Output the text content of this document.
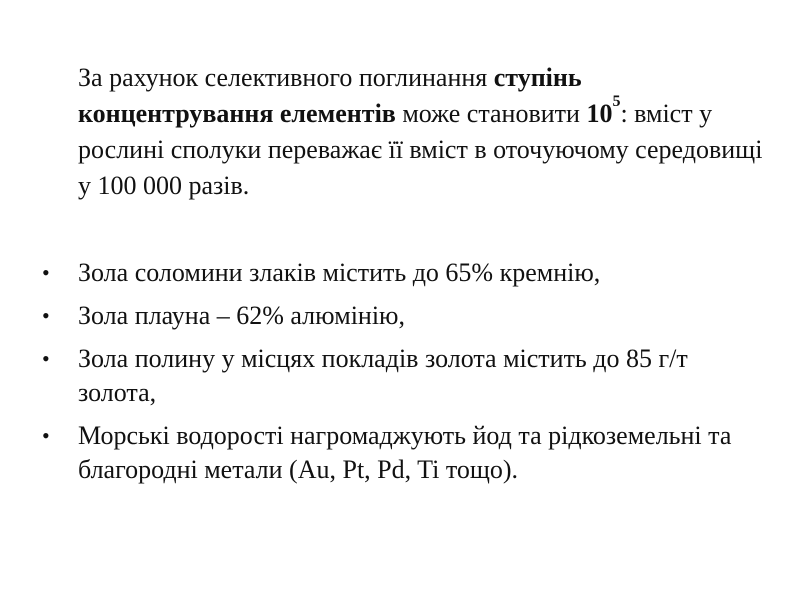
За рахунок селективного поглинання ступінь концентрування елементів може становити $10^5$: вміст у рослині сполуки переважає її вміст в оточуючому середовищі у 100 000 разів.

• Зола соломини злаків містить до 65% кремнію,
• Зола плауна – 62% алюмінію,
• Зола полину у місцях покладів золота містить до 85 г/т золота,
• Морські водорості нагромаджують йод та рідкоземельні та благородні метали (Au, Pt, Pd, Ti тощо).
